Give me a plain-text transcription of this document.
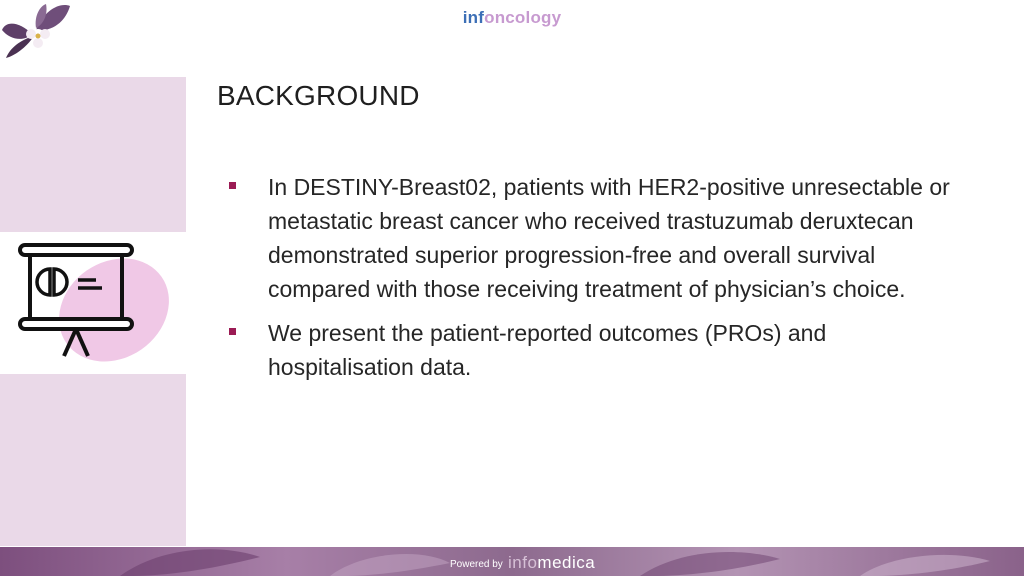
infoncology
BACKGROUND
In DESTINY-Breast02, patients with HER2-positive unresectable or metastatic breast cancer who received trastuzumab deruxtecan demonstrated superior progression-free and overall survival compared with those receiving treatment of physician’s choice.
We present the patient-reported outcomes (PROs) and hospitalisation data.
Powered by infomedica
